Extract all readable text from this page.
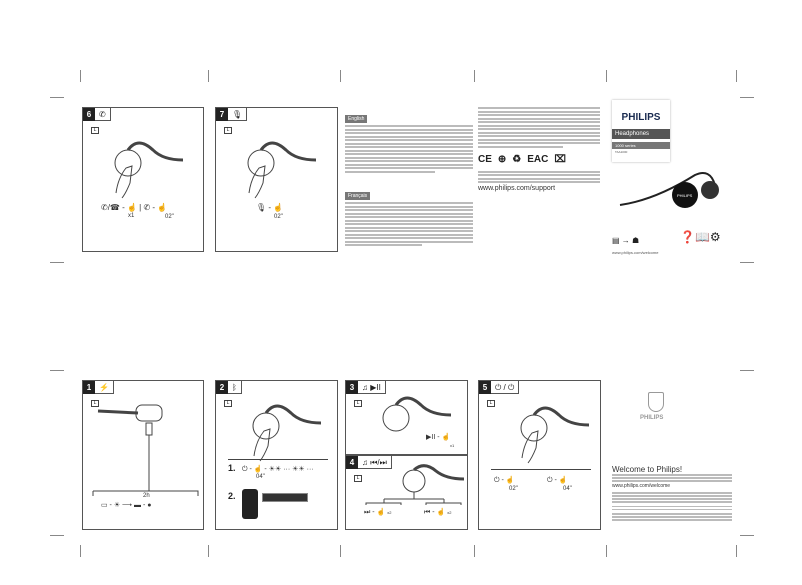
6 ✆
L
✆/☎ - ☝ | ✆ - ☝
x1	02"
7 🎙
L
🎙 - ☝
02"
English
Français
CE ⊕ ♻ EAC ⌧
www.philips.com/support
PHILIPS
Headphones
1000 series
TAA1000
PHILIPS
▤ → ☗
www.philips.com/welcome
❓📖⚙
1 ⚡
L
▭ - ☀ ⟶ ▬ - ●
2h
2 ᛒ
L
1. ⏻ - ☝ - ☀☀ ··· ☀☀ ···
04"
2.
3 ♫ ▶II
L
▶II - ☝
x1
4 ♫ ⏮/⏭
L
⏭ - ☝ x2	⏮ - ☝ x2
5 ⏻ / ⏻
L
⏻ - ☝
02"
⏻ - ☝
04"
PHILIPS
Welcome to Philips!
www.philips.com/welcome
